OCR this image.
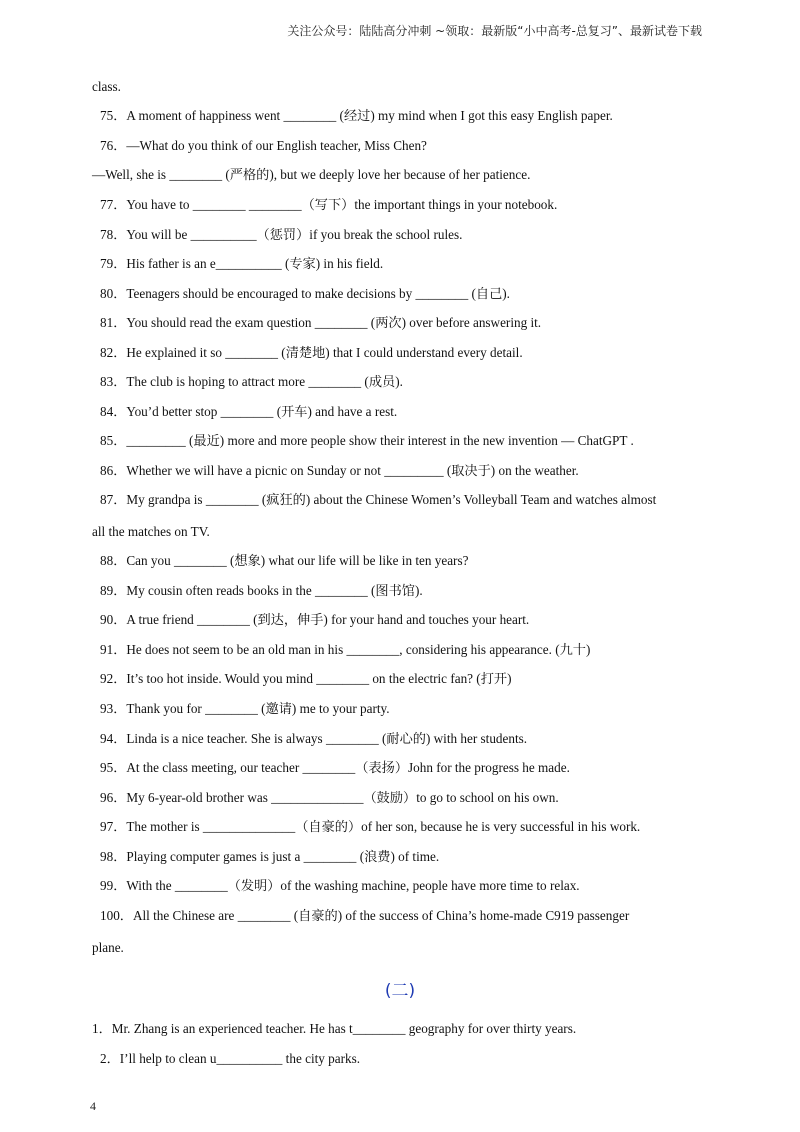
关注公众号：陆陆高分冲刺 ~领取：最新版“小中高考-总复习”、最新试卷下载
class.
75．A moment of happiness went ________ (经过) my mind when I got this easy English paper.
76．—What do you think of our English teacher, Miss Chen?
—Well, she is ________ (严格的), but we deeply love her because of her patience.
77．You have to ________ ________（写下）the important things in your notebook.
78．You will be __________（惩罚）if you break the school rules.
79．His father is an e__________ (专家) in his field.
80．Teenagers should be encouraged to make decisions by ________ (自己).
81．You should read the exam question ________ (两次) over before answering it.
82．He explained it so ________ (清楚地) that I could understand every detail.
83．The club is hoping to attract more ________ (成员).
84．You’d better stop ________ (开车) and have a rest.
85．_________ (最近) more and more people show their interest in the new invention — ChatGPT .
86．Whether we will have a picnic on Sunday or not _________ (取决于) on the weather.
87．My grandpa is ________ (疯狂的) about the Chinese Women’s Volleyball Team and watches almost
all the matches on TV.
88．Can you ________ (想象) what our life will be like in ten years?
89．My cousin often reads books in the ________ (图书馆).
90．A true friend ________ (到达，伸手) for your hand and touches your heart.
91．He does not seem to be an old man in his ________, considering his appearance. (九十)
92．It’s too hot inside. Would you mind ________ on the electric fan? (打开)
93．Thank you for ________ (邀请) me to your party.
94．Linda is a nice teacher. She is always ________ (耐心的) with her students.
95．At the class meeting, our teacher ________（表扬）John for the progress he made.
96．My 6-year-old brother was ______________（鼓励）to go to school on his own.
97．The mother is ______________（自豪的）of her son, because he is very successful in his work.
98．Playing computer games is just a ________ (浪费) of time.
99．With the ________（发明）of the washing machine, people have more time to relax.
100．All the Chinese are ________ (自豪的) of the success of China’s home-made C919 passenger
plane.
(二)
1．Mr. Zhang is an experienced teacher. He has t________ geography for over thirty years.
2．I’ll help to clean u__________ the city parks.
4
